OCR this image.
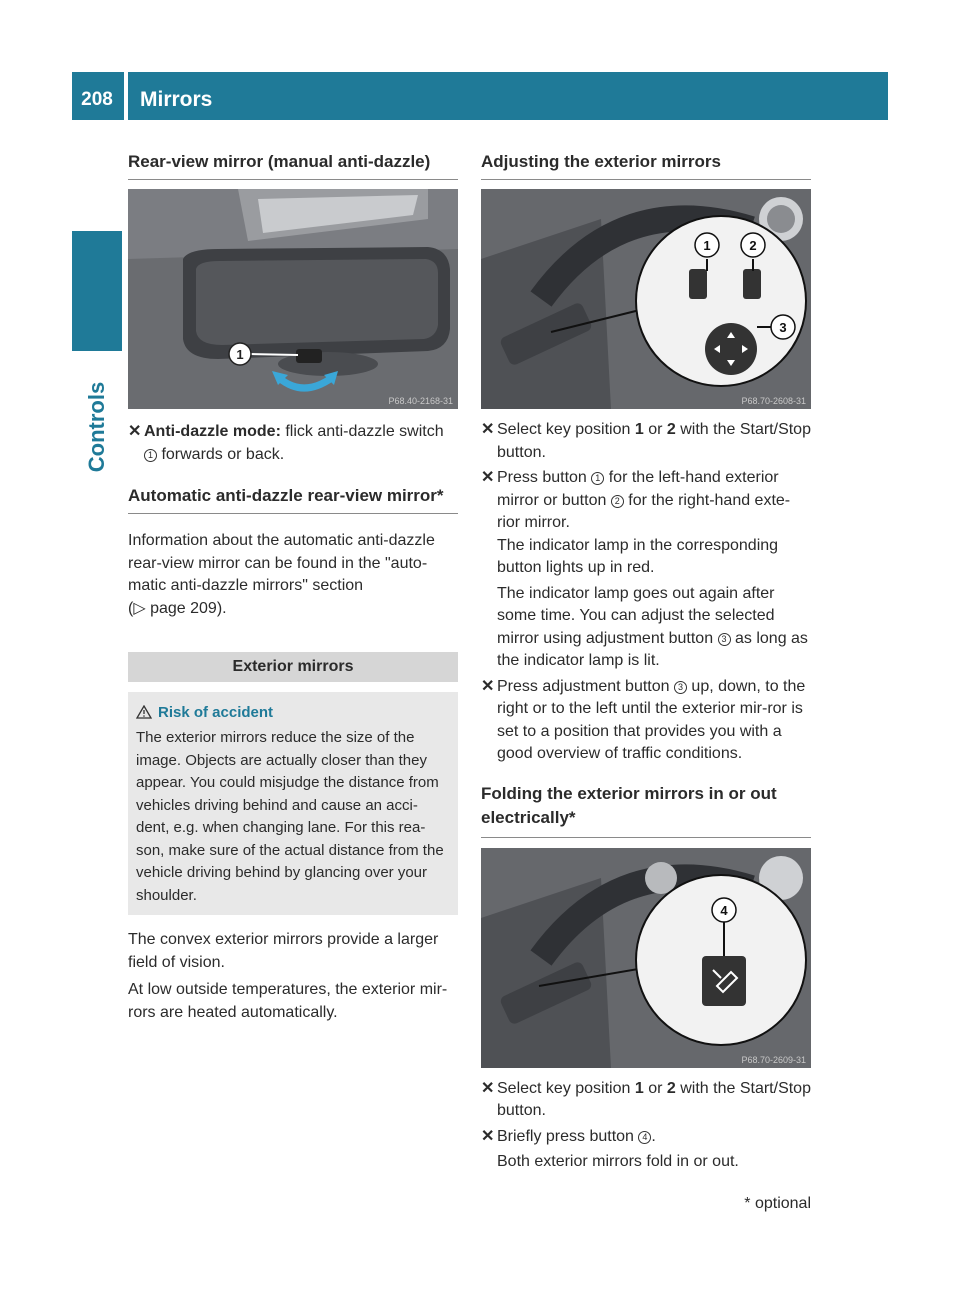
208	Mirrors
Controls
Rear-view mirror (manual anti-dazzle)
1
P68.40-2168-31
✕ Anti-dazzle mode: flick anti-dazzle switch 1 forwards or back.
Automatic anti-dazzle rear-view mirror*

Information about the automatic anti-dazzle rear-view mirror can be found in the "auto-matic anti-dazzle mirrors" section

(▷ page 209).

Exterior mirrors
Risk of accident

The exterior mirrors reduce the size of the image. Objects are actually closer than they appear. You could misjudge the distance from vehicles driving behind and cause an acci-dent, e.g. when changing lane. For this rea-son, make sure of the actual distance from the vehicle driving behind by glancing over your shoulder.

The convex exterior mirrors provide a larger field of vision.

At low outside temperatures, the exterior mir-rors are heated automatically.

Adjusting the exterior mirrors
1	2
3
P68.70-2608-31
✕ Select key position 1 or 2 with the Start/Stop button.
✕ Press button 1 for the left-hand exterior mirror or button 2 for the right-hand exte-rior mirror.
The indicator lamp in the corresponding button lights up in red.
The indicator lamp goes out again after some time. You can adjust the selected mirror using adjustment button 3 as long as the indicator lamp is lit.
✕ Press adjustment button 3 up, down, to the right or to the left until the exterior mir-ror is set to a position that provides you with a good overview of traffic conditions.
Folding the exterior mirrors in or out electrically*
4
P68.70-2609-31
✕ Select key position 1 or 2 with the Start/Stop button.
✕ Briefly press button 4 .
Both exterior mirrors fold in or out.
* optional
